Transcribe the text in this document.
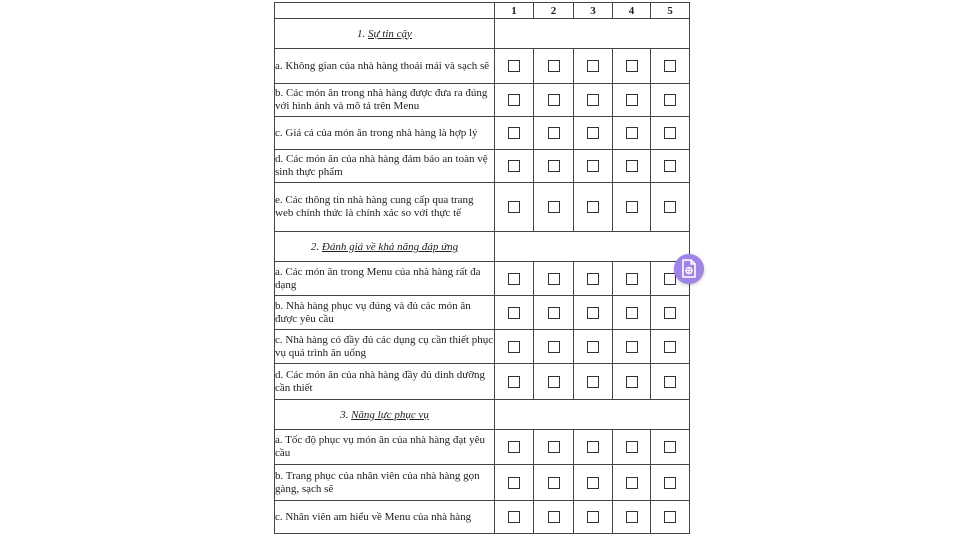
	1	2	3	4	5
1. Sự tin cậy					
a. Không gian của nhà hàng thoải mái và sạch sẽ					
b. Các món ăn trong nhà hàng được đưa ra đúng với hình ảnh và mô tả trên Menu					
c. Giá cả của món ăn trong nhà hàng là hợp lý					
d. Các món ăn của nhà hàng đảm bảo an toàn vệ sinh thực phẩm					
e. Các thông tin nhà hàng cung cấp qua trang web chính thức là chính xác so với thực tế					
2. Đánh giá về khả năng đáp ứng					
a. Các món ăn trong Menu của nhà hàng rất đa dạng					
b. Nhà hàng phục vụ đúng và đủ các món ăn được yêu cầu					
c. Nhà hàng có đầy đủ các dụng cụ cần thiết phục vụ quá trình ăn uống					
d. Các món ăn của nhà hàng đầy đủ dinh dưỡng cần thiết					
3. Năng lực phục vụ					
a. Tốc độ phục vụ món ăn của nhà hàng đạt yêu cầu					
b. Trang phục của nhân viên của nhà hàng gọn gàng, sạch sẽ					
c. Nhân viên am hiểu về Menu của nhà hàng					
